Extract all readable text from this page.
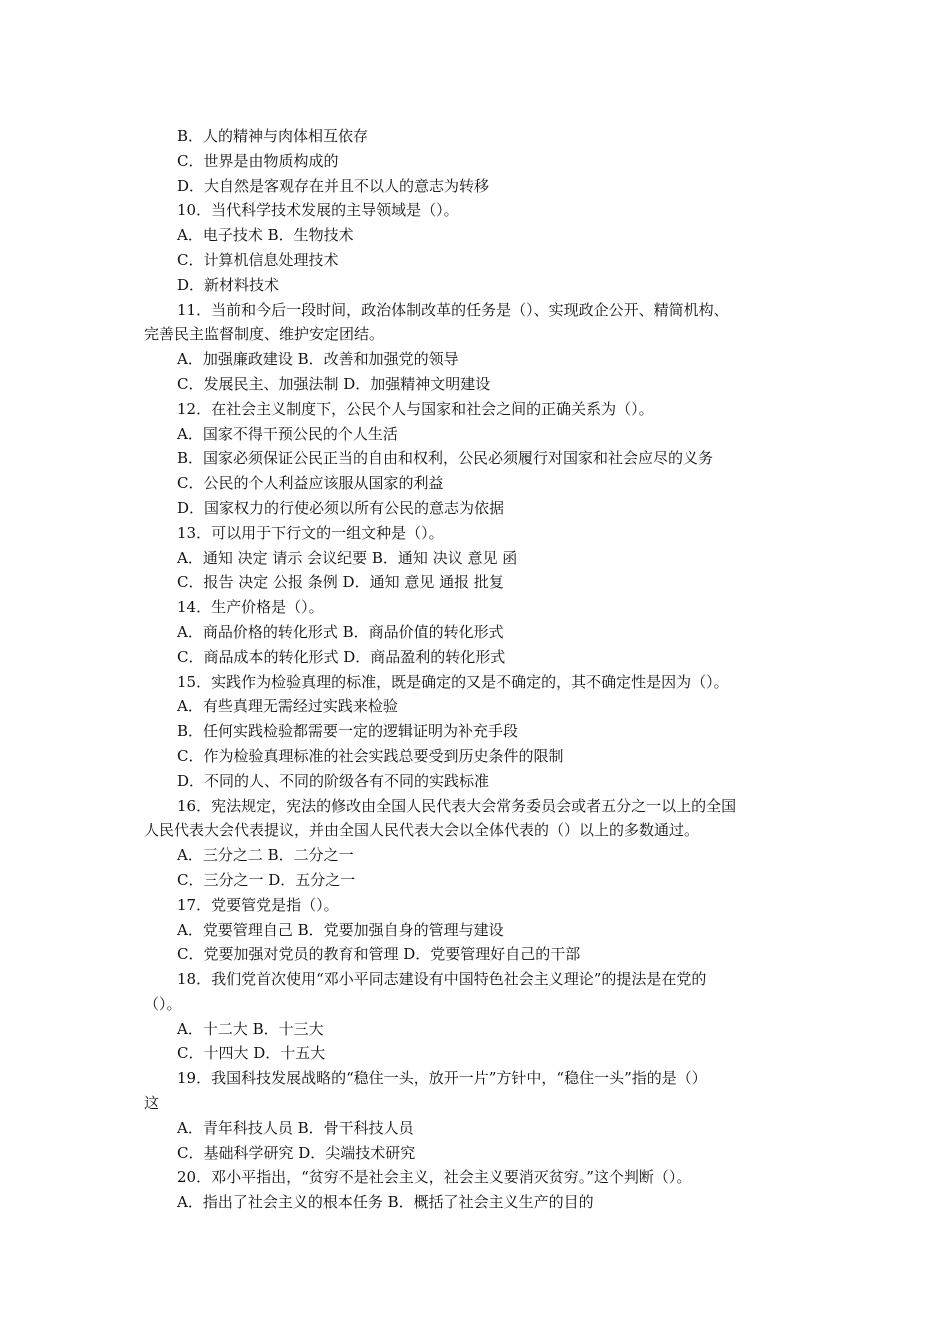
B．人的精神与肉体相互依存
C．世界是由物质构成的
D．大自然是客观存在并且不以人的意志为转移
10．当代科学技术发展的主导领域是（）。
A．电子技术 B．生物技术
C．计算机信息处理技术
D．新材料技术
11．当前和今后一段时间，政治体制改革的任务是（）、实现政企公开、精简机构、
完善民主监督制度、维护安定团结。
A．加强廉政建设 B．改善和加强党的领导
C．发展民主、加强法制 D．加强精神文明建设
12．在社会主义制度下，公民个人与国家和社会之间的正确关系为（）。
A．国家不得干预公民的个人生活
B．国家必须保证公民正当的自由和权利，公民必须履行对国家和社会应尽的义务
C．公民的个人利益应该服从国家的利益
D．国家权力的行使必须以所有公民的意志为依据
13．可以用于下行文的一组文种是（）。
A．通知 决定 请示 会议纪要 B．通知 决议 意见 函
C．报告 决定 公报 条例 D．通知 意见 通报 批复
14．生产价格是（）。
A．商品价格的转化形式 B．商品价值的转化形式
C．商品成本的转化形式 D．商品盈利的转化形式
15．实践作为检验真理的标准，既是确定的又是不确定的，其不确定性是因为（）。
A．有些真理无需经过实践来检验
B．任何实践检验都需要一定的逻辑证明为补充手段
C．作为检验真理标准的社会实践总要受到历史条件的限制
D．不同的人、不同的阶级各有不同的实践标准
16．宪法规定，宪法的修改由全国人民代表大会常务委员会或者五分之一以上的全国
人民代表大会代表提议，并由全国人民代表大会以全体代表的（）以上的多数通过。
A．三分之二 B．二分之一
C．三分之一 D．五分之一
17．党要管党是指（）。
A．党要管理自己 B．党要加强自身的管理与建设
C．党要加强对党员的教育和管理 D．党要管理好自己的干部
18．我们党首次使用“邓小平同志建设有中国特色社会主义理论”的提法是在党的
（）。
A．十二大 B．十三大
C．十四大 D．十五大
19．我国科技发展战略的“稳住一头，放开一片”方针中，“稳住一头”指的是（）
这
A．青年科技人员 B．骨干科技人员
C．基础科学研究 D．尖端技术研究
20．邓小平指出，“贫穷不是社会主义，社会主义要消灭贫穷。”这个判断（）。
A．指出了社会主义的根本任务 B．概括了社会主义生产的目的
